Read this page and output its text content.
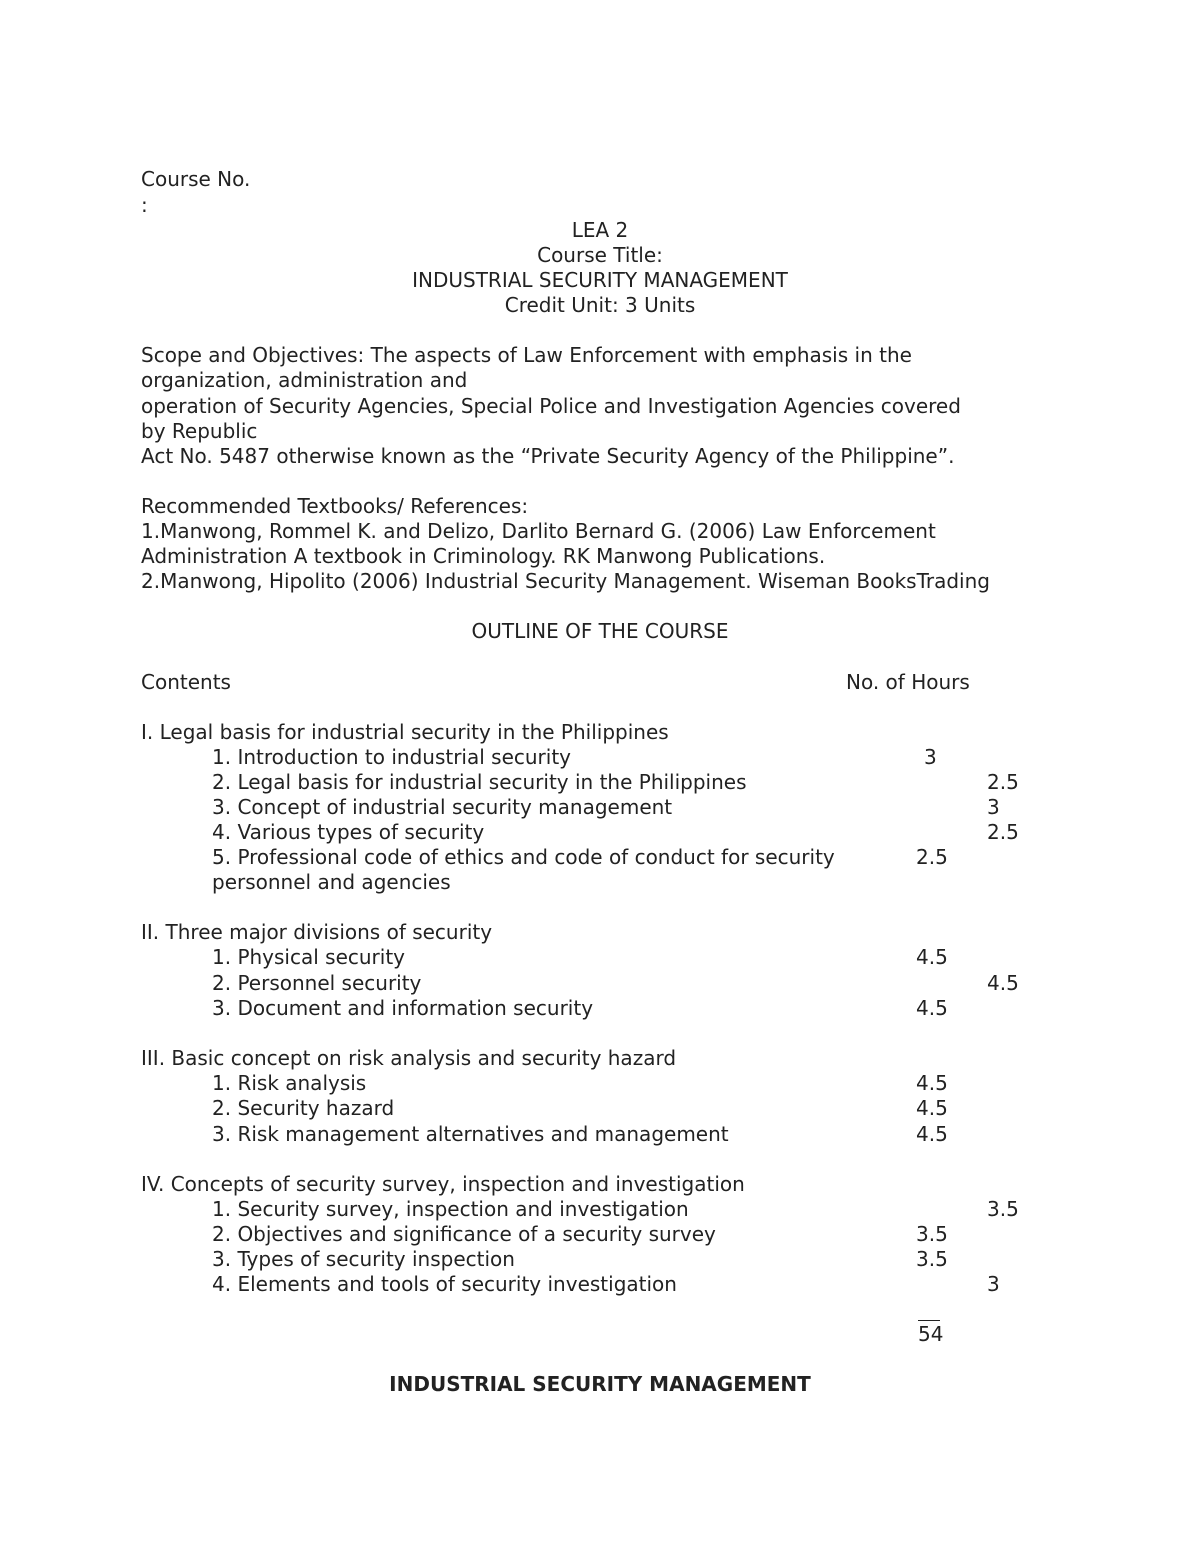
Course No.
:
LEA 2
Course Title:
INDUSTRIAL SECURITY MANAGEMENT
Credit Unit: 3 Units
Scope and Objectives: The aspects of Law Enforcement with emphasis in the
organization, administration and
operation of Security Agencies, Special Police and Investigation Agencies covered
by Republic
Act No. 5487 otherwise known as the “Private Security Agency of the Philippine”.
Recommended Textbooks/ References:
1.Manwong, Rommel K. and Delizo, Darlito Bernard G. (2006) Law Enforcement
Administration A textbook in Criminology. RK Manwong Publications.
2.Manwong, Hipolito (2006) Industrial Security Management. Wiseman BooksTrading
OUTLINE OF THE COURSE
Contents	No. of Hours
I. Legal basis for industrial security in the Philippines
1. Introduction to industrial security	3
2. Legal basis for industrial security in the Philippines	2.5
3. Concept of industrial security management	3
4. Various types of security	2.5
5. Professional code of ethics and code of conduct for security	2.5
personnel and agencies
II. Three major divisions of security
1. Physical security	4.5
2. Personnel security	4.5
3. Document and information security	4.5
III. Basic concept on risk analysis and security hazard
1. Risk analysis	4.5
2. Security hazard	4.5
3. Risk management alternatives and management	4.5
IV. Concepts of security survey, inspection and investigation
1. Security survey, inspection and investigation	3.5
2. Objectives and significance of a security survey	3.5
3. Types of security inspection	3.5
4. Elements and tools of security investigation	3
54
INDUSTRIAL SECURITY MANAGEMENT
